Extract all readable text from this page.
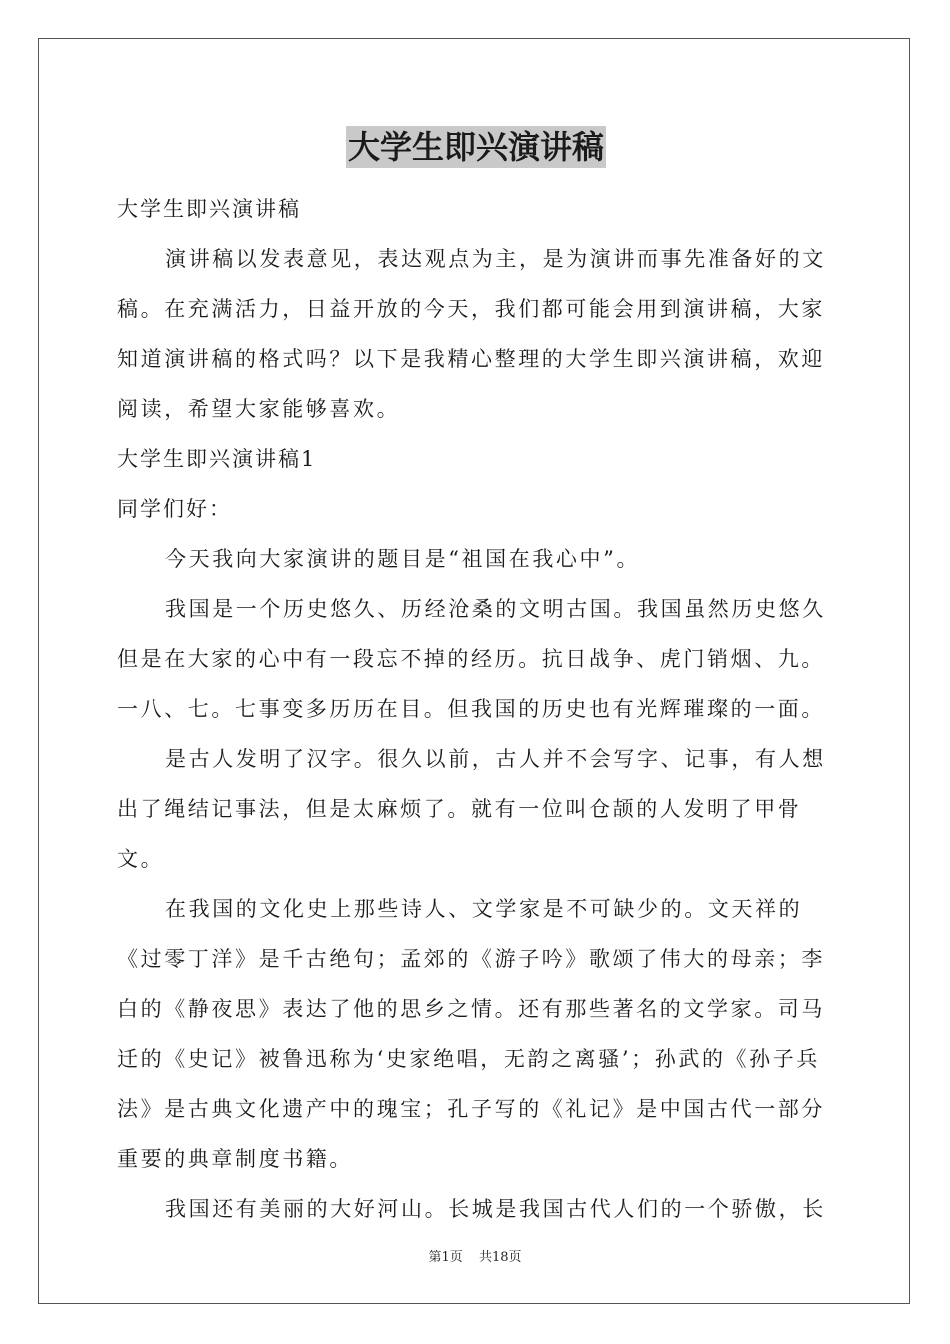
大学生即兴演讲稿

大学生即兴演讲稿

演讲稿以发表意见，表达观点为主，是为演讲而事先准备好的文稿。在充满活力，日益开放的今天，我们都可能会用到演讲稿，大家知道演讲稿的格式吗？以下是我精心整理的大学生即兴演讲稿，欢迎阅读，希望大家能够喜欢。

大学生即兴演讲稿1

同学们好：

今天我向大家演讲的题目是“祖国在我心中”。

我国是一个历史悠久、历经沧桑的文明古国。我国虽然历史悠久但是在大家的心中有一段忘不掉的经历。抗日战争、虎门销烟、九。一八、七。七事变多历历在目。但我国的历史也有光辉璀璨的一面。

是古人发明了汉字。很久以前，古人并不会写字、记事，有人想出了绳结记事法，但是太麻烦了。就有一位叫仓颉的人发明了甲骨文。

在我国的文化史上那些诗人、文学家是不可缺少的。文天祥的《过零丁洋》是千古绝句；孟郊的《游子吟》歌颂了伟大的母亲；李白的《静夜思》表达了他的思乡之情。还有那些著名的文学家。司马迁的《史记》被鲁迅称为‘史家绝唱，无韵之离骚’；孙武的《孙子兵法》是古典文化遗产中的瑰宝；孔子写的《礼记》是中国古代一部分重要的典章制度书籍。

我国还有美丽的大好河山。长城是我国古代人们的一个骄傲，长

第1页 共18页
